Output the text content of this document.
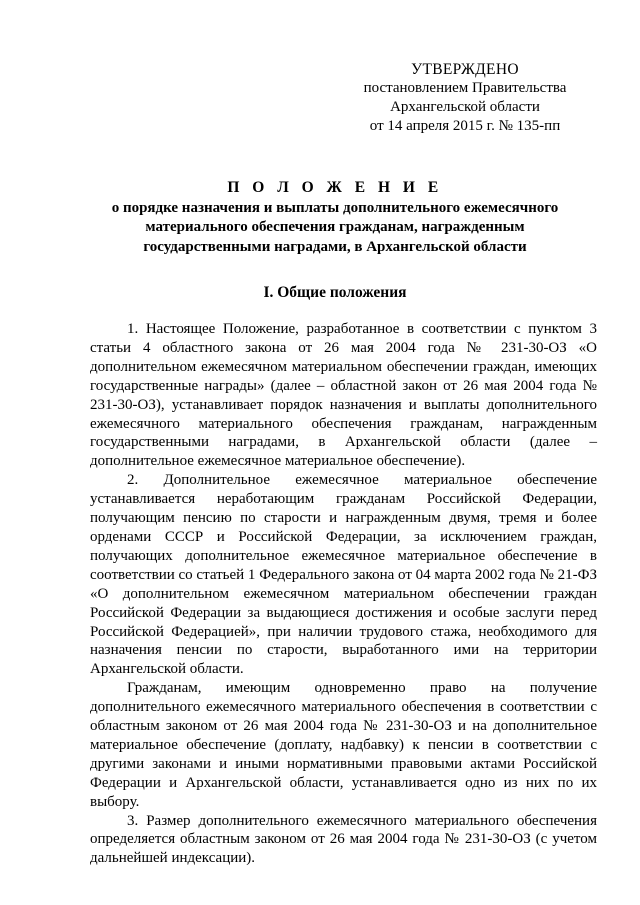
УТВЕРЖДЕНО
постановлением Правительства
Архангельской области
от 14 апреля 2015 г. № 135-пп
П О Л О Ж Е Н И Е
о порядке назначения и выплаты дополнительного ежемесячного
материального обеспечения гражданам, награжденным
государственными наградами, в Архангельской области
I. Общие положения

1. Настоящее Положение, разработанное в соответствии с пунктом 3 статьи 4 областного закона от 26 мая 2004 года № 231-30-ОЗ «О дополнительном ежемесячном материальном обеспечении граждан, имеющих государственные награды» (далее – областной закон от 26 мая 2004 года № 231-30-ОЗ), устанавливает порядок назначения и выплаты дополнительного ежемесячного материального обеспечения гражданам, награжденным государственными наградами, в Архангельской области (далее – дополнительное ежемесячное материальное обеспечение).

2. Дополнительное ежемесячное материальное обеспечение устанавливается неработающим гражданам Российской Федерации, получающим пенсию по старости и награжденным двумя, тремя и более орденами СССР и Российской Федерации, за исключением граждан, получающих дополнительное ежемесячное материальное обеспечение в соответствии со статьей 1 Федерального закона от 04 марта 2002 года № 21-ФЗ «О дополнительном ежемесячном материальном обеспечении граждан Российской Федерации за выдающиеся достижения и особые заслуги перед Российской Федерацией», при наличии трудового стажа, необходимого для назначения пенсии по старости, выработанного ими на территории Архангельской области.

Гражданам, имеющим одновременно право на получение дополнительного ежемесячного материального обеспечения в соответствии с областным законом от 26 мая 2004 года № 231-30-ОЗ и на дополнительное материальное обеспечение (доплату, надбавку) к пенсии в соответствии с другими законами и иными нормативными правовыми актами Российской Федерации и Архангельской области, устанавливается одно из них по их выбору.

3. Размер дополнительного ежемесячного материального обеспечения определяется областным законом от 26 мая 2004 года № 231-30-ОЗ (с учетом дальнейшей индексации).
